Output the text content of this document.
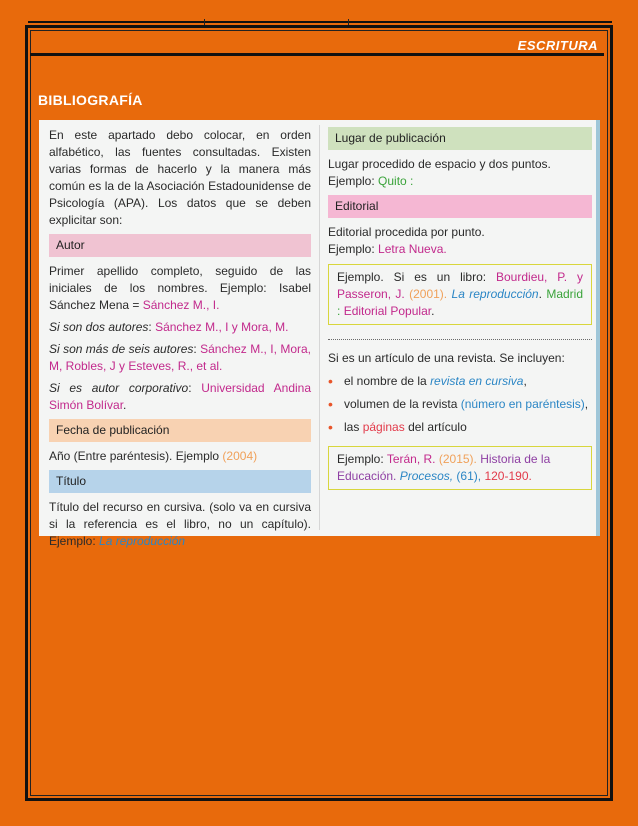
ESCRITURA
BIBLIOGRAFÍA

En este apartado debo colocar, en orden alfabético, las fuentes consultadas. Existen varias formas de hacerlo y la manera más común es la de la Asociación Estadounidense de Psicología (APA). Los datos que se deben explicitar son:

Autor

Primer apellido completo, seguido de las iniciales de los nombres. Ejemplo: Isabel Sánchez Mena = Sánchez M., I.

Si son dos autores: Sánchez M., I y Mora, M.

Si son más de seis autores: Sánchez M., I, Mora, M, Robles, J y Esteves, R., et al.

Si es autor corporativo: Universidad Andina Simón Bolívar.

Fecha de publicación

Año (Entre paréntesis). Ejemplo (2004)

Título

Título del recurso en cursiva. (solo va en cursiva si la referencia es el libro, no un capítulo). Ejemplo: La reproducción

Lugar de publicación

Lugar procedido de espacio y dos puntos.

Ejemplo: Quito :

Editorial

Editorial procedida por punto.

Ejemplo: Letra Nueva.

Ejemplo. Si es un libro: Bourdieu, P. y Passeron, J. (2001). La reproducción. Madrid : Editorial Popular.

Si es un artículo de una revista. Se incluyen:

• el nombre de la revista en cursiva,
• volumen de la revista (número en paréntesis),
• las páginas del artículo
Ejemplo: Terán, R. (2015). Historia de la Educación. Procesos, (61), 120-190.
